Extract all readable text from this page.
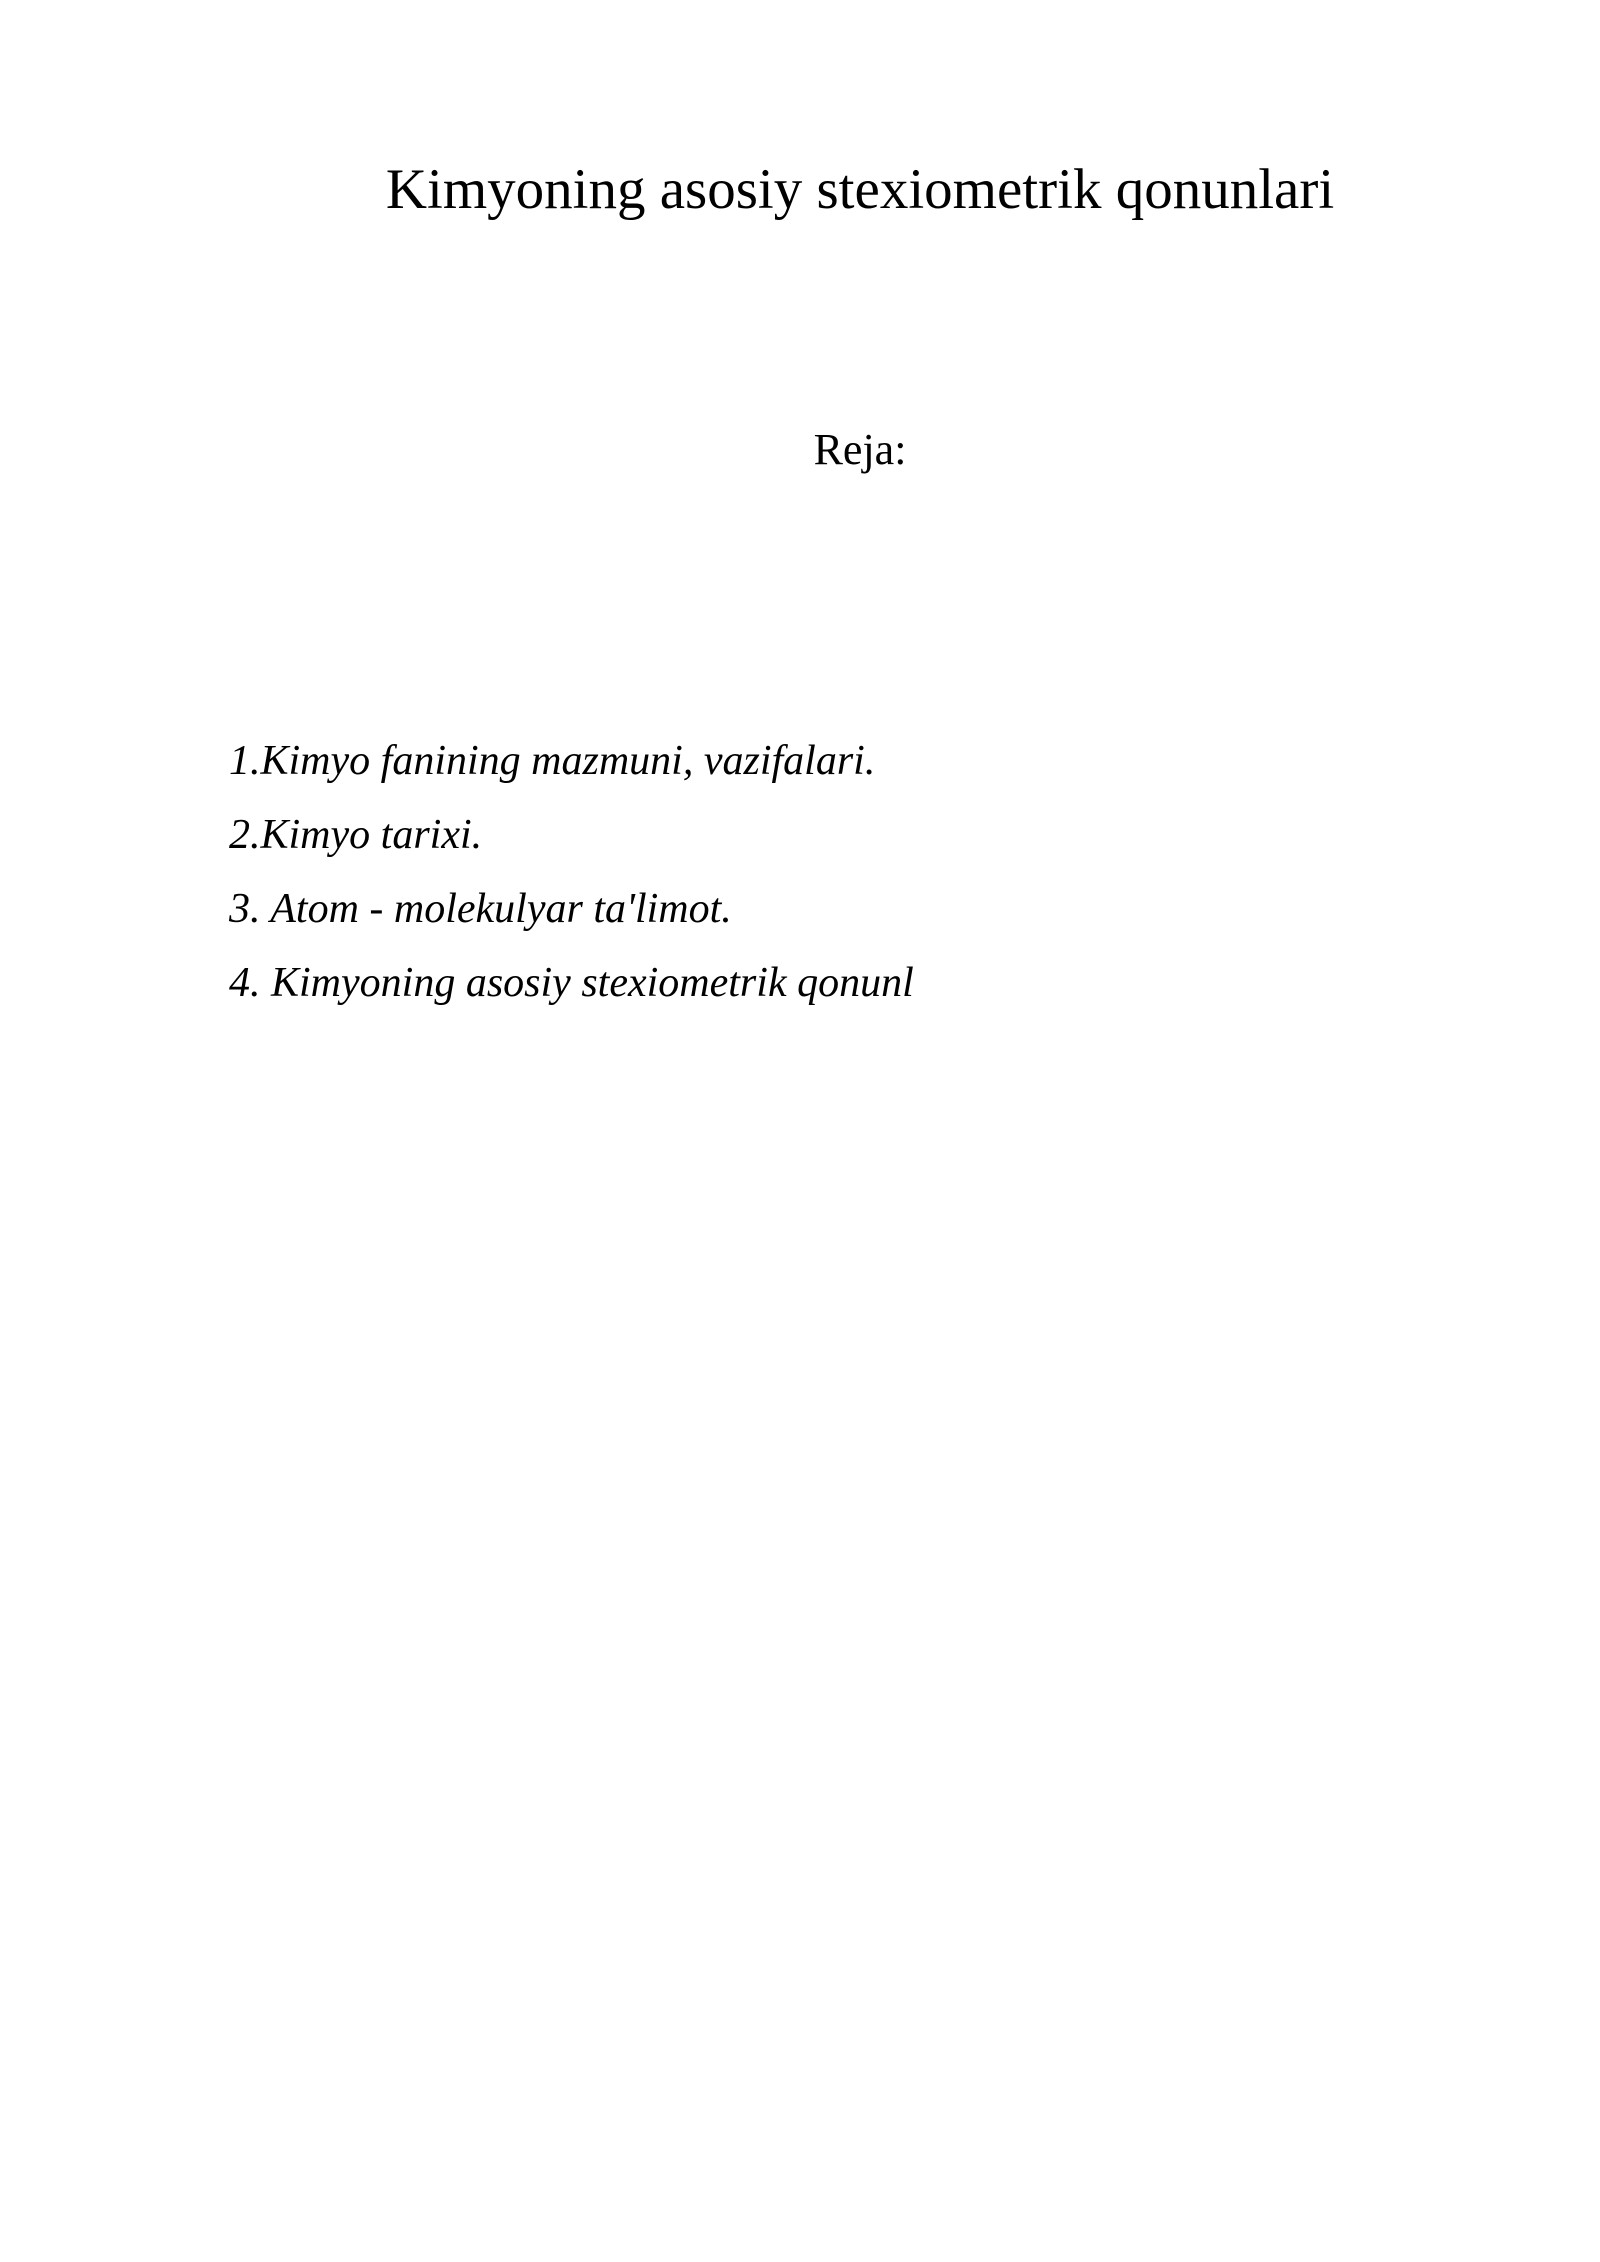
Kimyoning asosiy stexiometrik qonunlari
Reja:
1.Kimyo fanining mazmuni, vazifalari.
2.Kimyo tarixi.
3. Atom - molekulyar ta'limot.
4. Kimyoning asosiy stexiometrik qonunl
